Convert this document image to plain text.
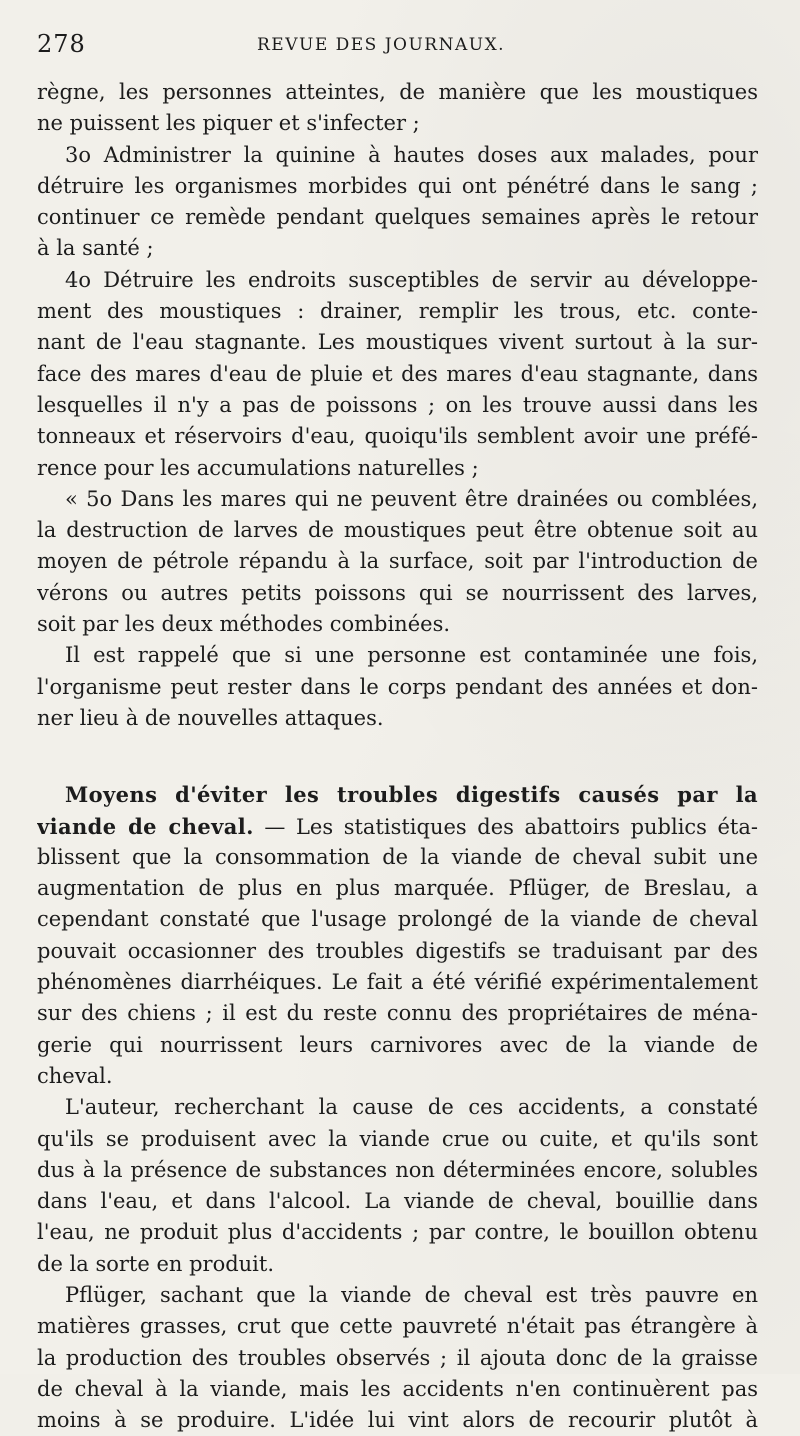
278	REVUE DES JOURNAUX.
règne, les personnes atteintes, de manière que les moustiques
ne puissent les piquer et s'infecter ;
3o Administrer la quinine à hautes doses aux malades, pour
détruire les organismes morbides qui ont pénétré dans le sang ;
continuer ce remède pendant quelques semaines après le retour
à la santé ;
4o Détruire les endroits susceptibles de servir au développe-
ment des moustiques : drainer, remplir les trous, etc. conte-
nant de l'eau stagnante. Les moustiques vivent surtout à la sur-
face des mares d'eau de pluie et des mares d'eau stagnante, dans
lesquelles il n'y a pas de poissons ; on les trouve aussi dans les
tonneaux et réservoirs d'eau, quoiqu'ils semblent avoir une préfé-
rence pour les accumulations naturelles ;
« 5o Dans les mares qui ne peuvent être drainées ou comblées,
la destruction de larves de moustiques peut être obtenue soit au
moyen de pétrole répandu à la surface, soit par l'introduction de
vérons ou autres petits poissons qui se nourrissent des larves,
soit par les deux méthodes combinées.
Il est rappelé que si une personne est contaminée une fois,
l'organisme peut rester dans le corps pendant des années et don-
ner lieu à de nouvelles attaques.
Moyens d'éviter les troubles digestifs causés par la
viande de cheval. — Les statistiques des abattoirs publics éta-
blissent que la consommation de la viande de cheval subit une
augmentation de plus en plus marquée. Pflüger, de Breslau, a
cependant constaté que l'usage prolongé de la viande de cheval
pouvait occasionner des troubles digestifs se traduisant par des
phénomènes diarrhéiques. Le fait a été vérifié expérimentalement
sur des chiens ; il est du reste connu des propriétaires de ména-
gerie qui nourrissent leurs carnivores avec de la viande de
cheval.
L'auteur, recherchant la cause de ces accidents, a constaté
qu'ils se produisent avec la viande crue ou cuite, et qu'ils sont
dus à la présence de substances non déterminées encore, solubles
dans l'eau, et dans l'alcool. La viande de cheval, bouillie dans
l'eau, ne produit plus d'accidents ; par contre, le bouillon obtenu
de la sorte en produit.
Pflüger, sachant que la viande de cheval est très pauvre en
matières grasses, crut que cette pauvreté n'était pas étrangère à
la production des troubles observés ; il ajouta donc de la graisse
de cheval à la viande, mais les accidents n'en continuèrent pas
moins à se produire. L'idée lui vint alors de recourir plutôt à
